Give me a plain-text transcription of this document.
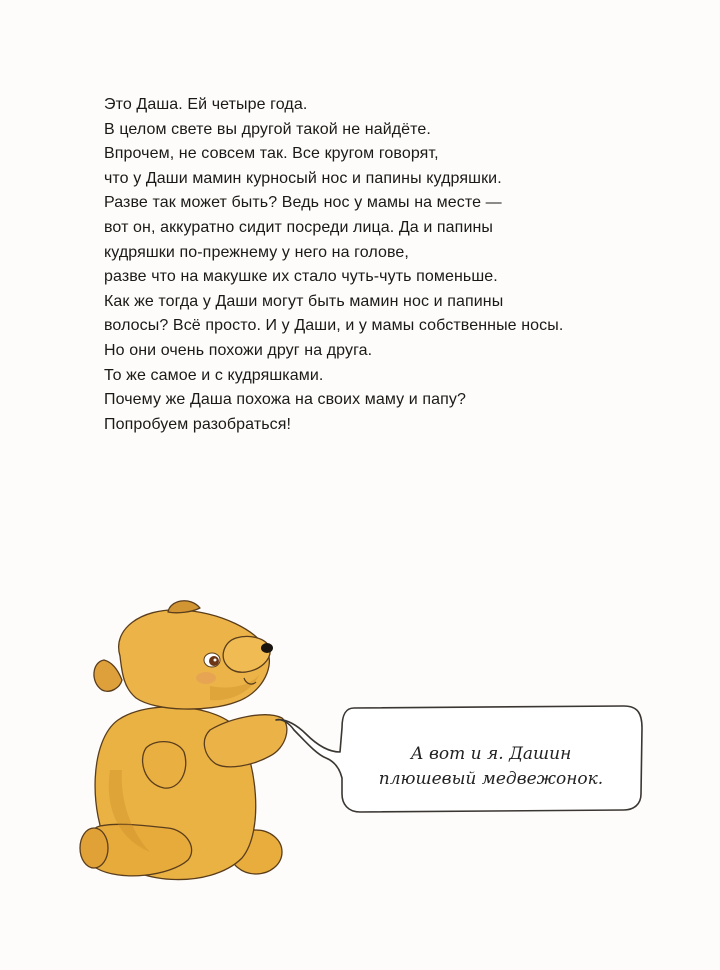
Это Даша. Ей четыре года.
В целом свете вы другой такой не найдёте.
Впрочем, не совсем так. Все кругом говорят,
что у Даши мамин курносый нос и папины кудряшки.
Разве так может быть? Ведь нос у мамы на месте —
вот он, аккуратно сидит посреди лица. Да и папины
кудряшки по-прежнему у него на голове,
разве что на макушке их стало чуть-чуть поменьше.
Как же тогда у Даши могут быть мамин нос и папины
волосы? Всё просто. И у Даши, и у мамы собственные носы.
Но они очень похожи друг на друга.
То же самое и с кудряшками.
Почему же Даша похожа на своих маму и папу?
Попробуем разобраться!
А вот и я. Дашин
плюшевый медвежонок.
